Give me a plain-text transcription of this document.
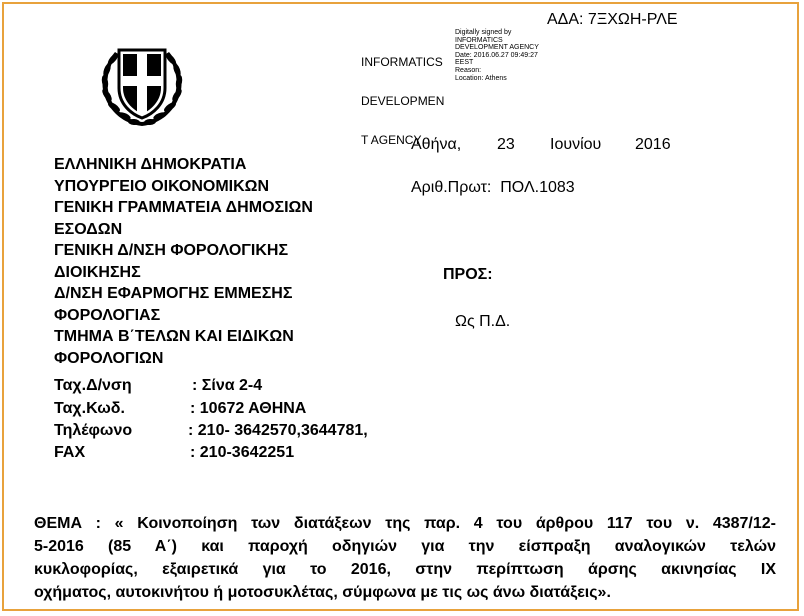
ΑΔΑ: 7ΞΧΩΗ-ΡΛΕ

INFORMATICS

DEVELOPMEN

T AGENCY

Digitally signed by
INFORMATICS
DEVELOPMENT AGENCY
Date: 2016.06.27 09:49:27
EEST
Reason:
Location: Athens
Αθήνα, 23 Ιουνίου 2016
Αριθ.Πρωτ: ΠΟΛ.1083
ΕΛΛΗΝΙΚΗ ΔΗΜΟΚΡΑΤΙΑ
ΥΠΟΥΡΓΕΙΟ ΟΙΚΟΝΟΜΙΚΩΝ
ΓΕΝΙΚΗ ΓΡΑΜΜΑΤΕΙΑ ΔΗΜΟΣΙΩΝ
ΕΣΟΔΩΝ
ΓΕΝΙΚΗ Δ/ΝΣΗ ΦΟΡΟΛΟΓΙΚΗΣ
ΔΙΟΙΚΗΣΗΣ
Δ/ΝΣΗ ΕΦΑΡΜΟΓΗΣ ΕΜΜΕΣΗΣ
ΦΟΡΟΛΟΓΙΑΣ
ΤΜΗΜΑ Β΄ΤΕΛΩΝ ΚΑΙ ΕΙΔΙΚΩΝ
ΦΟΡΟΛΟΓΙΩΝ
ΠΡΟΣ:
Ως Π.Δ.
Ταχ.Δ/νση	: Σίνα 2-4
Ταχ.Κωδ.	: 10672 ΑΘΗΝΑ
Τηλέφωνο	: 210- 3642570,3644781,
FAX	: 210-3642251
ΘΕΜΑ : « Κοινοποίηση των διατάξεων της παρ. 4 του άρθρου 117 του ν. 4387/12-
5-2016 (85 Α΄) και παροχή οδηγιών για την είσπραξη αναλογικών τελών
κυκλοφορίας, εξαιρετικά για το 2016, στην περίπτωση άρσης ακινησίας ΙΧ
οχήματος, αυτοκινήτου ή μοτοσυκλέτας, σύμφωνα με τις ως άνω διατάξεις».
